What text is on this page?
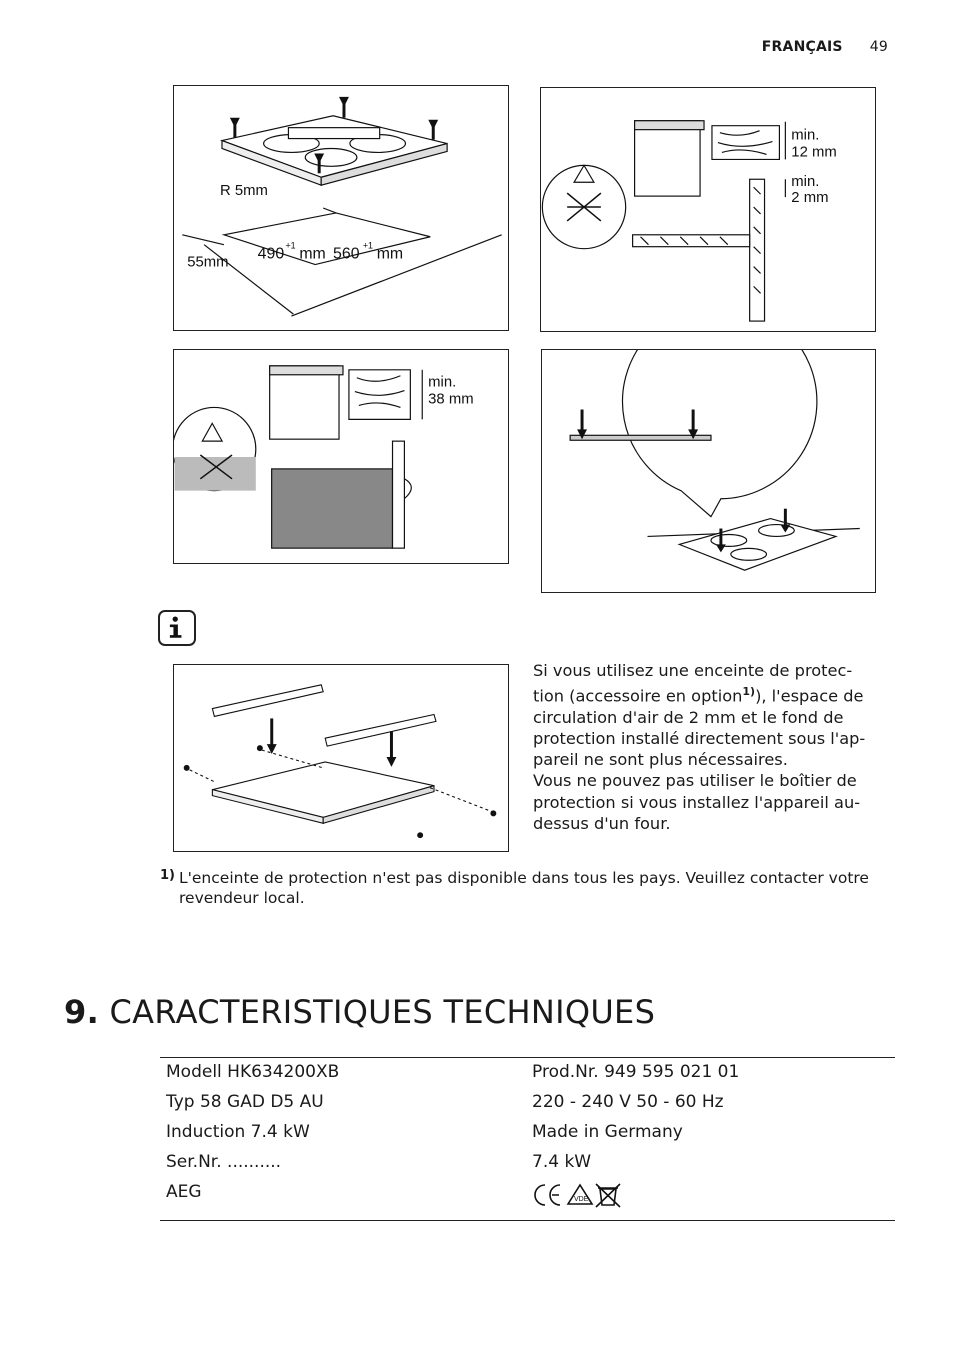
FRANÇAIS 49
R 5mm
55mm 490 +1 mm 560 +1 mm
min.
12 mm
min.
2 mm
min.
38 mm

Si vous utilisez une enceinte de protec-

tion (accessoire en option$^{1)}$), l'espace de circulation d'air de 2 mm et le fond de protection installé directement sous l'ap-pareil ne sont plus nécessaires.

Vous ne pouvez pas utiliser le boîtier de protection si vous installez l'appareil au-dessus d'un four.

1) L'enceinte de protection n'est pas disponible dans tous les pays. Veuillez contacter votre revendeur local.
9. CARACTERISTIQUES TECHNIQUES
Modell HK634200XB	Prod.Nr. 949 595 021 01
Typ 58 GAD D5 AU	220 - 240 V 50 - 60 Hz
Induction 7.4 kW	Made in Germany
Ser.Nr. ..........	7.4 kW
AEG	VDE
